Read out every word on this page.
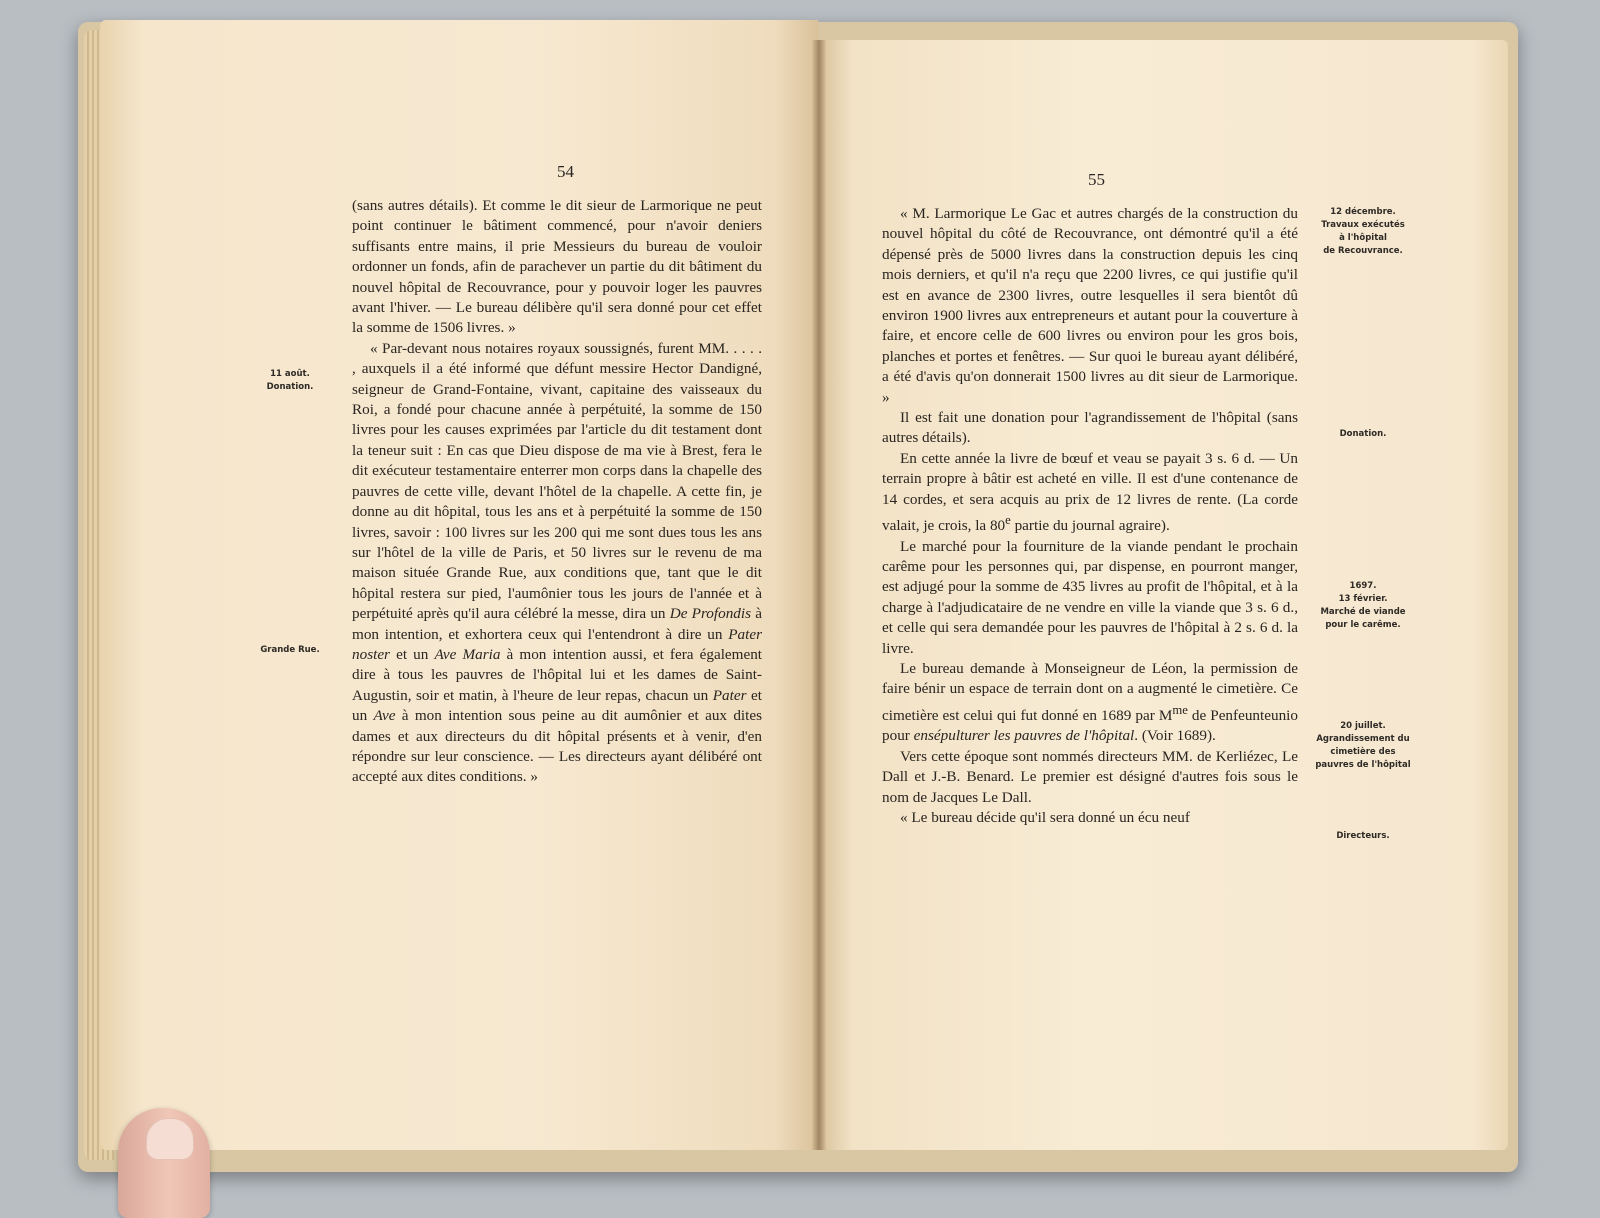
54

(sans autres détails). Et comme le dit sieur de Larmorique ne peut point continuer le bâtiment commencé, pour n'avoir deniers suffisants entre mains, il prie Messieurs du bureau de vouloir ordonner un fonds, afin de parachever un partie du dit bâtiment du nouvel hôpital de Recouvrance, pour y pouvoir loger les pauvres avant l'hiver. — Le bureau délibère qu'il sera donné pour cet effet la somme de 1506 livres. »

« Par-devant nous notaires royaux soussignés, furent MM. . . . . , auxquels il a été informé que défunt messire Hector Dandigné, seigneur de Grand-Fontaine, vivant, capitaine des vaisseaux du Roi, a fondé pour chacune année à perpétuité, la somme de 150 livres pour les causes exprimées par l'article du dit testament dont la teneur suit : En cas que Dieu dispose de ma vie à Brest, fera le dit exécuteur testamentaire enterrer mon corps dans la chapelle des pauvres de cette ville, devant l'hôtel de la chapelle. A cette fin, je donne au dit hôpital, tous les ans et à perpétuité la somme de 150 livres, savoir : 100 livres sur les 200 qui me sont dues tous les ans sur l'hôtel de la ville de Paris, et 50 livres sur le revenu de ma maison située Grande Rue, aux conditions que, tant que le dit hôpital restera sur pied, l'aumônier tous les jours de l'année et à perpétuité après qu'il aura célébré la messe, dira un De Profondis à mon intention, et exhortera ceux qui l'entendront à dire un Pater noster et un Ave Maria à mon intention aussi, et fera également dire à tous les pauvres de l'hôpital lui et les dames de Saint-Augustin, soir et matin, à l'heure de leur repas, chacun un Pater et un Ave à mon intention sous peine au dit aumônier et aux dites dames et aux directeurs du dit hôpital présents et à venir, d'en répondre sur leur conscience. — Les directeurs ayant délibéré ont accepté aux dites conditions. »

11 août.
Donation.
Grande Rue.
55

« M. Larmorique Le Gac et autres chargés de la construction du nouvel hôpital du côté de Recouvrance, ont démontré qu'il a été dépensé près de 5000 livres dans la construction depuis les cinq mois derniers, et qu'il n'a reçu que 2200 livres, ce qui justifie qu'il est en avance de 2300 livres, outre lesquelles il sera bientôt dû environ 1900 livres aux entrepreneurs et autant pour la couverture à faire, et encore celle de 600 livres ou environ pour les gros bois, planches et portes et fenêtres. — Sur quoi le bureau ayant délibéré, a été d'avis qu'on donnerait 1500 livres au dit sieur de Larmorique. »

Il est fait une donation pour l'agrandissement de l'hôpital (sans autres détails).

En cette année la livre de bœuf et veau se payait 3 s. 6 d. — Un terrain propre à bâtir est acheté en ville. Il est d'une contenance de 14 cordes, et sera acquis au prix de 12 livres de rente. (La corde valait, je crois, la 80e partie du journal agraire).

Le marché pour la fourniture de la viande pendant le prochain carême pour les personnes qui, par dispense, en pourront manger, est adjugé pour la somme de 435 livres au profit de l'hôpital, et à la charge à l'adjudicataire de ne vendre en ville la viande que 3 s. 6 d., et celle qui sera demandée pour les pauvres de l'hôpital à 2 s. 6 d. la livre.

Le bureau demande à Monseigneur de Léon, la permission de faire bénir un espace de terrain dont on a augmenté le cimetière. Ce cimetière est celui qui fut donné en 1689 par $M^{me}$ de Penfeunteunio pour ensépulturer les pauvres de l'hôpital. (Voir 1689).

Vers cette époque sont nommés directeurs MM. de Kerliézec, Le Dall et J.-B. Benard. Le premier est désigné d'autres fois sous le nom de Jacques Le Dall.

« Le bureau décide qu'il sera donné un écu neuf

12 décembre.
Travaux exécutés
à l'hôpital
de Recouvrance.
Donation.
1697.
13 février.
Marché de viande
pour le carême.
20 juillet.
Agrandissement du
cimetière des
pauvres de l'hôpital
Directeurs.
